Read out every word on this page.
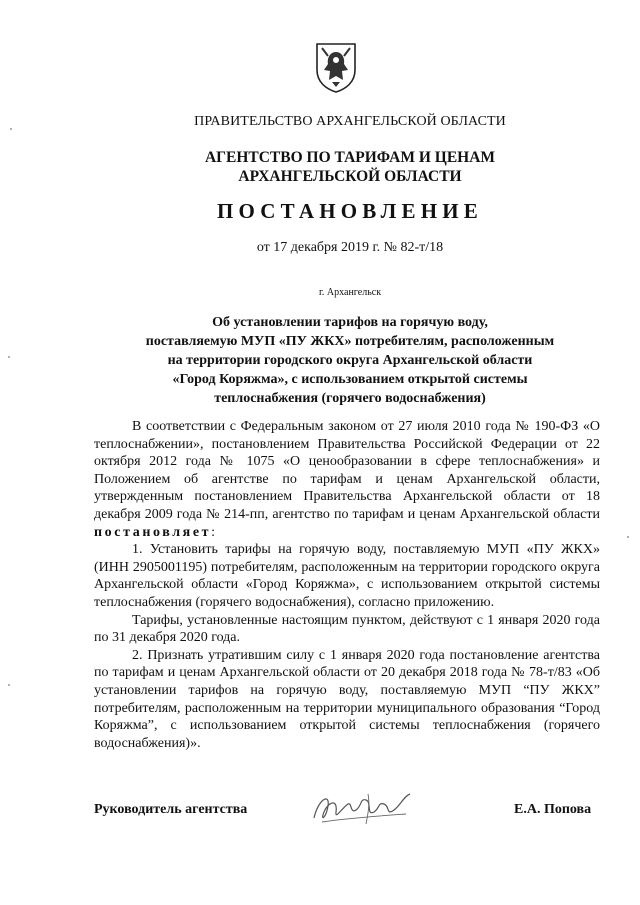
ПРАВИТЕЛЬСТВО АРХАНГЕЛЬСКОЙ ОБЛАСТИ
АГЕНТСТВО ПО ТАРИФАМ И ЦЕНАМ
АРХАНГЕЛЬСКОЙ ОБЛАСТИ
ПОСТАНОВЛЕНИЕ
от 17 декабря 2019 г. № 82-т/18
г. Архангельск
Об установлении тарифов на горячую воду,
поставляемую МУП «ПУ ЖКХ» потребителям, расположенным
на территории городского округа Архангельской области
«Город Коряжма», с использованием открытой системы
теплоснабжения (горячего водоснабжения)

В соответствии с Федеральным законом от 27 июля 2010 года № 190-ФЗ «О теплоснабжении», постановлением Правительства Российской Федерации от 22 октября 2012 года № 1075 «О ценообразовании в сфере теплоснабжения» и Положением об агентстве по тарифам и ценам Архангельской области, утвержденным постановлением Правительства Архангельской области от 18 декабря 2009 года № 214-пп, агентство по тарифам и ценам Архангельской области постановляет:

1. Установить тарифы на горячую воду, поставляемую МУП «ПУ ЖКХ» (ИНН 2905001195) потребителям, расположенным на территории городского округа Архангельской области «Город Коряжма», с использованием открытой системы теплоснабжения (горячего водоснабжения), согласно приложению.

Тарифы, установленные настоящим пунктом, действуют с 1 января 2020 года по 31 декабря 2020 года.

2. Признать утратившим силу с 1 января 2020 года постановление агентства по тарифам и ценам Архангельской области от 20 декабря 2018 года № 78-т/83 «Об установлении тарифов на горячую воду, поставляемую МУП “ПУ ЖКХ” потребителям, расположенным на территории муниципального образования “Город Коряжма”, с использованием открытой системы теплоснабжения (горячего водоснабжения)».

Руководитель агентства	Е.А. Попова
